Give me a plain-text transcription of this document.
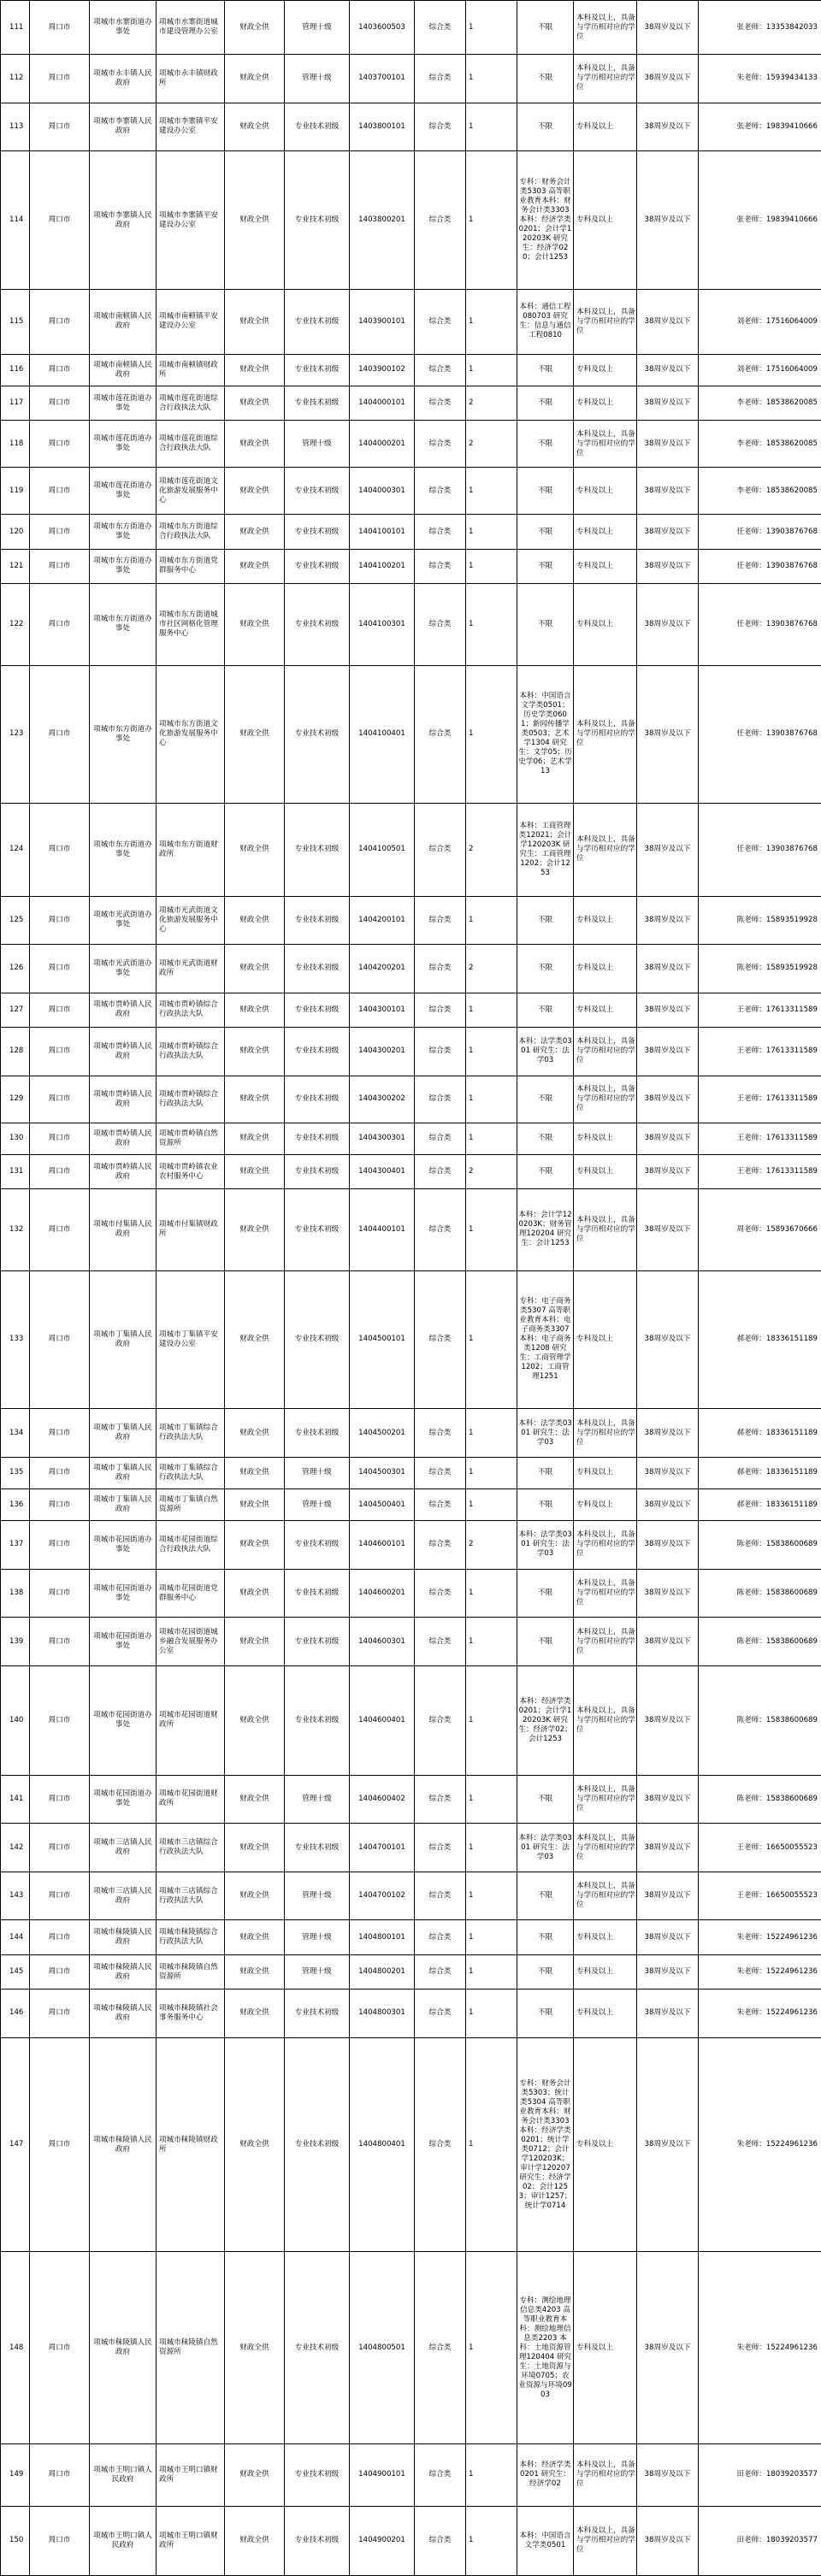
111	周口市	项城市水寨街道办事处	项城市水寨街道城市建设管理办公室	财政全供	管理十级	1403600503	综合类	1	不限	本科及以上，具备与学历相对应的学位	38周岁及以下	张老师：13353842033
112	周口市	项城市永丰镇人民政府	项城市永丰镇财政所	财政全供	管理十级	1403700101	综合类	1	不限	本科及以上，具备与学历相对应的学位	38周岁及以下	朱老师：15939434133
113	周口市	项城市李寨镇人民政府	项城市李寨镇平安建设办公室	财政全供	专业技术初级	1403800101	综合类	1	不限	专科及以上	38周岁及以下	张老师：19839410666
114	周口市	项城市李寨镇人民政府	项城市李寨镇平安建设办公室	财政全供	专业技术初级	1403800201	综合类	1	专科：财务会计类5303 高等职业教育本科：财务会计类3303 本科：经济学类0201；会计学120203K 研究生：经济学020；会计1253	专科及以上	38周岁及以下	张老师：19839410666
115	周口市	项城市南顿镇人民政府	项城市南顿镇平安建设办公室	财政全供	专业技术初级	1403900101	综合类	1	本科：通信工程080703 研究生：信息与通信工程0810	本科及以上，具备与学历相对应的学位	38周岁及以下	刘老师：17516064009
116	周口市	项城市南顿镇人民政府	项城市南顿镇财政所	财政全供	专业技术初级	1403900102	综合类	1	不限	专科及以上	38周岁及以下	刘老师：17516064009
117	周口市	项城市莲花街道办事处	项城市莲花街道综合行政执法大队	财政全供	专业技术初级	1404000101	综合类	2	不限	专科及以上	38周岁及以下	李老师：18538620085
118	周口市	项城市莲花街道办事处	项城市莲花街道综合行政执法大队	财政全供	管理十级	1404000201	综合类	2	不限	本科及以上，具备与学历相对应的学位	38周岁及以下	李老师：18538620085
119	周口市	项城市莲花街道办事处	项城市莲花街道文化旅游发展服务中心	财政全供	专业技术初级	1404000301	综合类	1	不限	专科及以上	38周岁及以下	李老师：18538620085
120	周口市	项城市东方街道办事处	项城市东方街道综合行政执法大队	财政全供	专业技术初级	1404100101	综合类	1	不限	专科及以上	38周岁及以下	任老师：13903876768
121	周口市	项城市东方街道办事处	项城市东方街道党群服务中心	财政全供	专业技术初级	1404100201	综合类	1	不限	专科及以上	38周岁及以下	任老师：13903876768
122	周口市	项城市东方街道办事处	项城市东方街道城市社区网格化管理服务中心	财政全供	专业技术初级	1404100301	综合类	1	不限	专科及以上	38周岁及以下	任老师：13903876768
123	周口市	项城市东方街道办事处	项城市东方街道文化旅游发展服务中心	财政全供	专业技术初级	1404100401	综合类	1	本科：中国语言文学类0501；历史学类0601；新闻传播学类0503；艺术学1304 研究生：文学05；历史学06；艺术学13	本科及以上，具备与学历相对应的学位	38周岁及以下	任老师：13903876768
124	周口市	项城市东方街道办事处	项城市东方街道财政所	财政全供	专业技术初级	1404100501	综合类	2	本科：工商管理类12021；会计学120203K 研究生：工商管理1202；会计1253	本科及以上，具备与学历相对应的学位	38周岁及以下	任老师：13903876768
125	周口市	项城市光武街道办事处	项城市光武街道文化旅游发展服务中心	财政全供	专业技术初级	1404200101	综合类	1	不限	专科及以上	38周岁及以下	陈老师：15893519928
126	周口市	项城市光武街道办事处	项城市光武街道财政所	财政全供	专业技术初级	1404200201	综合类	2	不限	专科及以上	38周岁及以下	陈老师：15893519928
127	周口市	项城市贾岭镇人民政府	项城市贾岭镇综合行政执法大队	财政全供	专业技术初级	1404300101	综合类	1	不限	专科及以上	38周岁及以下	王老师：17613311589
128	周口市	项城市贾岭镇人民政府	项城市贾岭镇综合行政执法大队	财政全供	专业技术初级	1404300201	综合类	1	本科：法学类0301 研究生：法学03	本科及以上，具备与学历相对应的学位	38周岁及以下	王老师：17613311589
129	周口市	项城市贾岭镇人民政府	项城市贾岭镇综合行政执法大队	财政全供	专业技术初级	1404300202	综合类	1	不限	本科及以上，具备与学历相对应的学位	38周岁及以下	王老师：17613311589
130	周口市	项城市贾岭镇人民政府	项城市贾岭镇自然资源所	财政全供	专业技术初级	1404300301	综合类	1	不限	专科及以上	38周岁及以下	王老师：17613311589
131	周口市	项城市贾岭镇人民政府	项城市贾岭镇农业农村服务中心	财政全供	专业技术初级	1404300401	综合类	2	不限	专科及以上	38周岁及以下	王老师：17613311589
132	周口市	项城市付集镇人民政府	项城市付集镇财政所	财政全供	专业技术初级	1404400101	综合类	1	本科：会计学120203K；财务管理120204 研究生：会计1253	本科及以上，具备与学历相对应的学位	38周岁及以下	周老师：15893670666
133	周口市	项城市丁集镇人民政府	项城市丁集镇平安建设办公室	财政全供	专业技术初级	1404500101	综合类	1	专科：电子商务类5307 高等职业教育本科：电子商务类3307 本科：电子商务类1208 研究生：工商管理学1202；工商管理1251	专科及以上	38周岁及以下	郝老师：18336151189
134	周口市	项城市丁集镇人民政府	项城市丁集镇综合行政执法大队	财政全供	专业技术初级	1404500201	综合类	1	本科：法学类0301 研究生：法学03	本科及以上，具备与学历相对应的学位	38周岁及以下	郝老师：18336151189
135	周口市	项城市丁集镇人民政府	项城市丁集镇综合行政执法大队	财政全供	管理十级	1404500301	综合类	1	不限	专科及以上	38周岁及以下	郝老师：18336151189
136	周口市	项城市丁集镇人民政府	项城市丁集镇自然资源所	财政全供	管理十级	1404500401	综合类	1	不限	专科及以上	38周岁及以下	郝老师：18336151189
137	周口市	项城市花园街道办事处	项城市花园街道综合行政执法大队	财政全供	专业技术初级	1404600101	综合类	2	本科：法学类0301 研究生：法学03	本科及以上，具备与学历相对应的学位	38周岁及以下	陈老师：15838600689
138	周口市	项城市花园街道办事处	项城市花园街道党群服务中心	财政全供	专业技术初级	1404600201	综合类	1	不限	本科及以上，具备与学历相对应的学位	38周岁及以下	陈老师：15838600689
139	周口市	项城市花园街道办事处	项城市花园街道城乡融合发展服务办公室	财政全供	专业技术初级	1404600301	综合类	1	不限	本科及以上，具备与学历相对应的学位	38周岁及以下	陈老师：15838600689
140	周口市	项城市花园街道办事处	项城市花园街道财政所	财政全供	专业技术初级	1404600401	综合类	1	本科：经济学类0201；会计学120203K 研究生：经济学02；会计1253	本科及以上，具备与学历相对应的学位	38周岁及以下	陈老师：15838600689
141	周口市	项城市花园街道办事处	项城市花园街道财政所	财政全供	管理十级	1404600402	综合类	1	不限	本科及以上，具备与学历相对应的学位	38周岁及以下	陈老师：15838600689
142	周口市	项城市三店镇人民政府	项城市三店镇综合行政执法大队	财政全供	专业技术初级	1404700101	综合类	1	本科：法学类0301 研究生：法学03	本科及以上，具备与学历相对应的学位	38周岁及以下	王老师：16650055523
143	周口市	项城市三店镇人民政府	项城市三店镇综合行政执法大队	财政全供	管理十级	1404700102	综合类	1	不限	本科及以上，具备与学历相对应的学位	38周岁及以下	王老师：16650055523
144	周口市	项城市秣陵镇人民政府	项城市秣陵镇综合行政执法大队	财政全供	管理十级	1404800101	综合类	1	不限	专科及以上	38周岁及以下	朱老师：15224961236
145	周口市	项城市秣陵镇人民政府	项城市秣陵镇自然资源所	财政全供	管理十级	1404800201	综合类	1	不限	专科及以上	38周岁及以下	朱老师：15224961236
146	周口市	项城市秣陵镇人民政府	项城市秣陵镇社会事务服务中心	财政全供	专业技术初级	1404800301	综合类	1	不限	专科及以上	38周岁及以下	朱老师：15224961236
147	周口市	项城市秣陵镇人民政府	项城市秣陵镇财政所	财政全供	专业技术初级	1404800401	综合类	1	专科：财务会计类5303；统计类5304 高等职业教育本科：财务会计类3303 本科：经济学类0201；统计学类0712；会计学120203K；审计学120207 研究生：经济学02；会计1253；审计1257；统计学0714	专科及以上	38周岁及以下	朱老师：15224961236
148	周口市	项城市秣陵镇人民政府	项城市秣陵镇自然资源所	财政全供	专业技术初级	1404800501	综合类	1	专科：测绘地理信息类4203 高等职业教育本科：测绘地理信息类2203 本科：土地资源管理120404 研究生：土地资源与环境0705；农业资源与环境0903	专科及以上	38周岁及以下	朱老师：15224961236
149	周口市	项城市王明口镇人民政府	项城市王明口镇财政所	财政全供	专业技术初级	1404900101	综合类	1	本科：经济学类0201 研究生：经济学02	本科及以上，具备与学历相对应的学位	38周岁及以下	田老师：18039203577
150	周口市	项城市王明口镇人民政府	项城市王明口镇财政所	财政全供	专业技术初级	1404900201	综合类	1	本科：中国语言文学类0501	本科及以上，具备与学历相对应的学位	38周岁及以下	田老师：18039203577
